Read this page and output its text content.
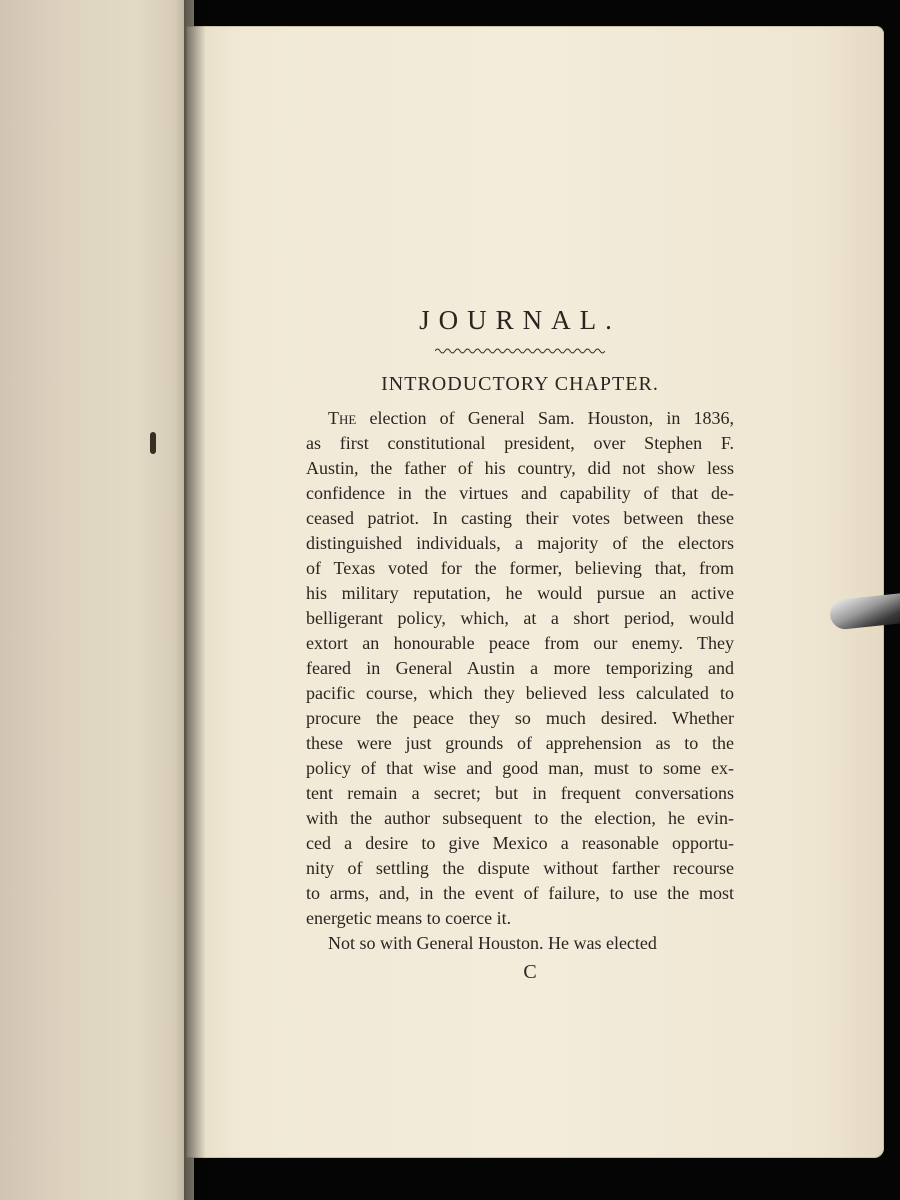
JOURNAL.
INTRODUCTORY CHAPTER.
The election of General Sam. Houston, in 1836,
as first constitutional president, over Stephen F.
Austin, the father of his country, did not show less
confidence in the virtues and capability of that de-
ceased patriot. In casting their votes between these
distinguished individuals, a majority of the electors
of Texas voted for the former, believing that, from
his military reputation, he would pursue an active
belligerant policy, which, at a short period, would
extort an honourable peace from our enemy. They
feared in General Austin a more temporizing and
pacific course, which they believed less calculated to
procure the peace they so much desired. Whether
these were just grounds of apprehension as to the
policy of that wise and good man, must to some ex-
tent remain a secret; but in frequent conversations
with the author subsequent to the election, he evin-
ced a desire to give Mexico a reasonable opportu-
nity of settling the dispute without farther recourse
to arms, and, in the event of failure, to use the most
energetic means to coerce it.
Not so with General Houston. He was elected
C
